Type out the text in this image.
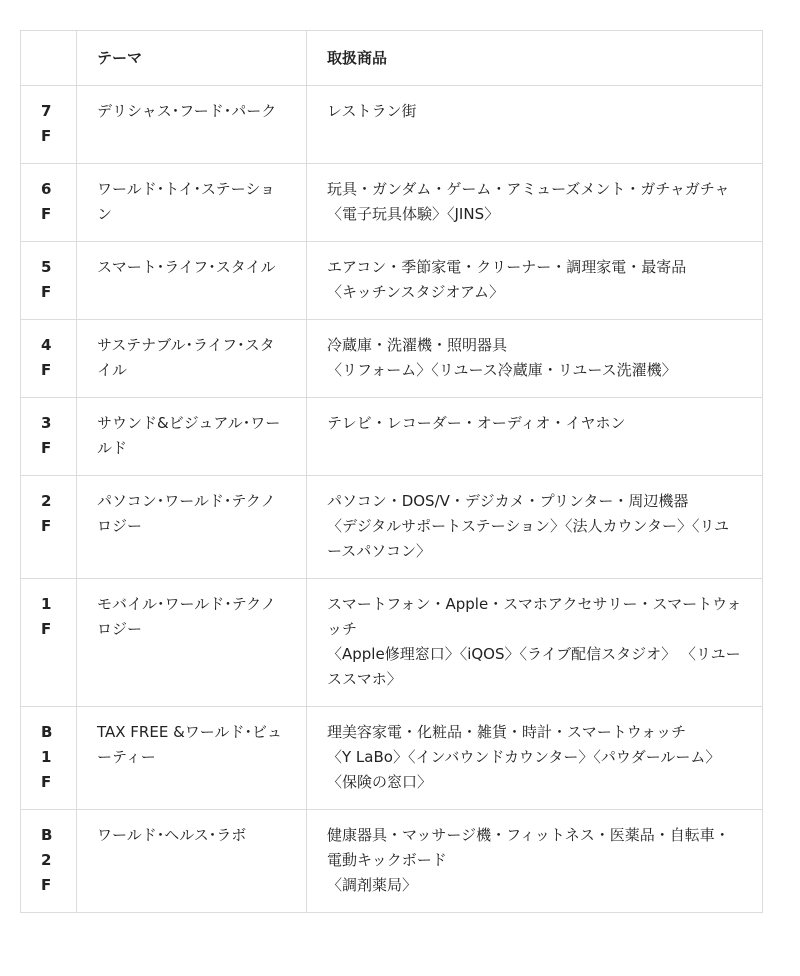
	テーマ	取扱商品

7F	デリシャス･フード･パーク	レストラン街

6F	ワールド･トイ･ステーション	玩具・ガンダム・ゲーム・アミューズメント・ガチャガチャ
〈電子玩具体験〉〈JINS〉

5F	スマート･ライフ･スタイル	エアコン・季節家電・クリーナー・調理家電・最寄品
〈キッチンスタジオアム〉

4F	サステナブル･ライフ･スタイル	冷蔵庫・洗濯機・照明器具
〈リフォーム〉〈リユース冷蔵庫・リユース洗濯機〉

3F	サウンド&ビジュアル･ワールド	テレビ・レコーダー・オーディオ・イヤホン

2F	パソコン･ワールド･テクノロジー	パソコン・DOS/V・デジカメ・プリンター・周辺機器
〈デジタルサポートステーション〉〈法人カウンター〉〈リユースパソコン〉

1F	モバイル･ワールド･テクノロジー	スマートフォン・Apple・スマホアクセサリー・スマートウォッチ
〈Apple修理窓口〉〈iQOS〉〈ライブ配信スタジオ〉 〈リユーススマホ〉

B1F	TAX FREE &ワールド･ビューティー	理美容家電・化粧品・雑貨・時計・スマートウォッチ
〈Y LaBo〉〈インバウンドカウンター〉〈パウダールーム〉〈保険の窓口〉

B2F	ワールド･ヘルス･ラボ	健康器具・マッサージ機・フィットネス・医薬品・自転車・電動キックボード
〈調剤薬局〉
